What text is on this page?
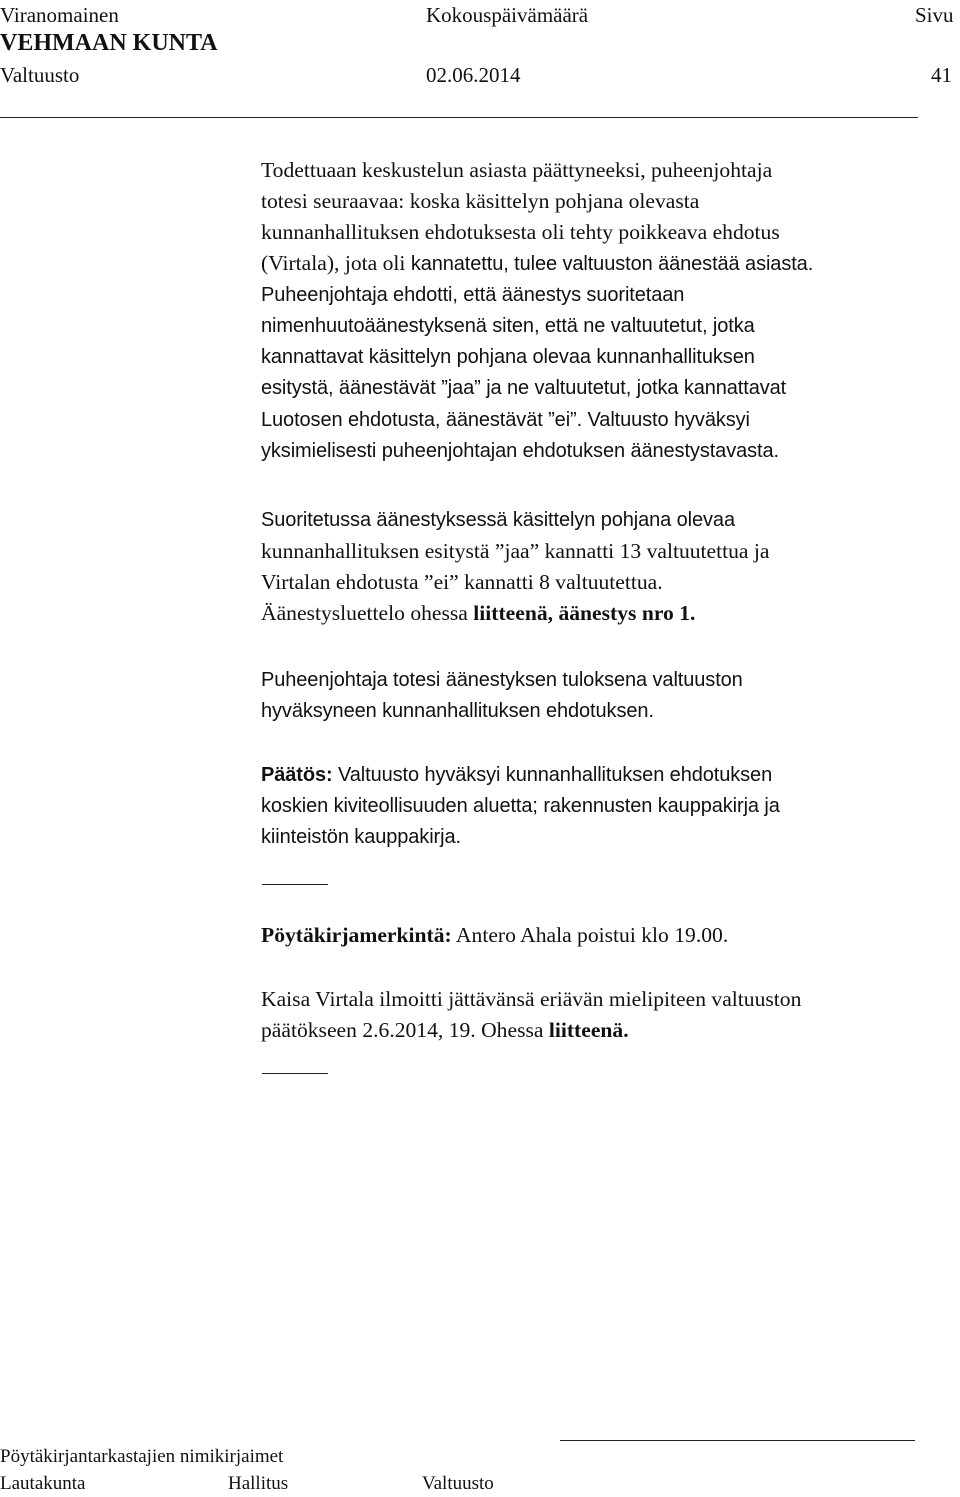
Viranomainen	Kokouspäivämäärä	Sivu
VEHMAAN KUNTA
Valtuusto	02.06.2014	41

Todettuaan keskustelun asiasta päättyneeksi, puheenjohtaja

totesi seuraavaa: koska käsittelyn pohjana olevasta

kunnanhallituksen ehdotuksesta oli tehty poikkeava ehdotus

(Virtala), jota oli kannatettu, tulee valtuuston äänestää asiasta.

Puheenjohtaja ehdotti, että äänestys suoritetaan

nimenhuutoäänestyksenä siten, että ne valtuutetut, jotka

kannattavat käsittelyn pohjana olevaa kunnanhallituksen

esitystä, äänestävät ”jaa” ja ne valtuutetut, jotka kannattavat

Luotosen ehdotusta, äänestävät ”ei”. Valtuusto hyväksyi

yksimielisesti puheenjohtajan ehdotuksen äänestystavasta.

Suoritetussa äänestyksessä käsittelyn pohjana olevaa

kunnanhallituksen esitystä ”jaa” kannatti 13 valtuutettua ja

Virtalan ehdotusta ”ei” kannatti 8 valtuutettua.

Äänestysluettelo ohessa liitteenä, äänestys nro 1.

Puheenjohtaja totesi äänestyksen tuloksena valtuuston

hyväksyneen kunnanhallituksen ehdotuksen.

Päätös: Valtuusto hyväksyi kunnanhallituksen ehdotuksen

koskien kiviteollisuuden aluetta; rakennusten kauppakirja ja

kiinteistön kauppakirja.

Pöytäkirjamerkintä: Antero Ahala poistui klo 19.00.

Kaisa Virtala ilmoitti jättävänsä eriävän mielipiteen valtuuston

päätökseen 2.6.2014, 19. Ohessa liitteenä.

Pöytäkirjantarkastajien nimikirjaimet
Lautakunta	Hallitus	Valtuusto
